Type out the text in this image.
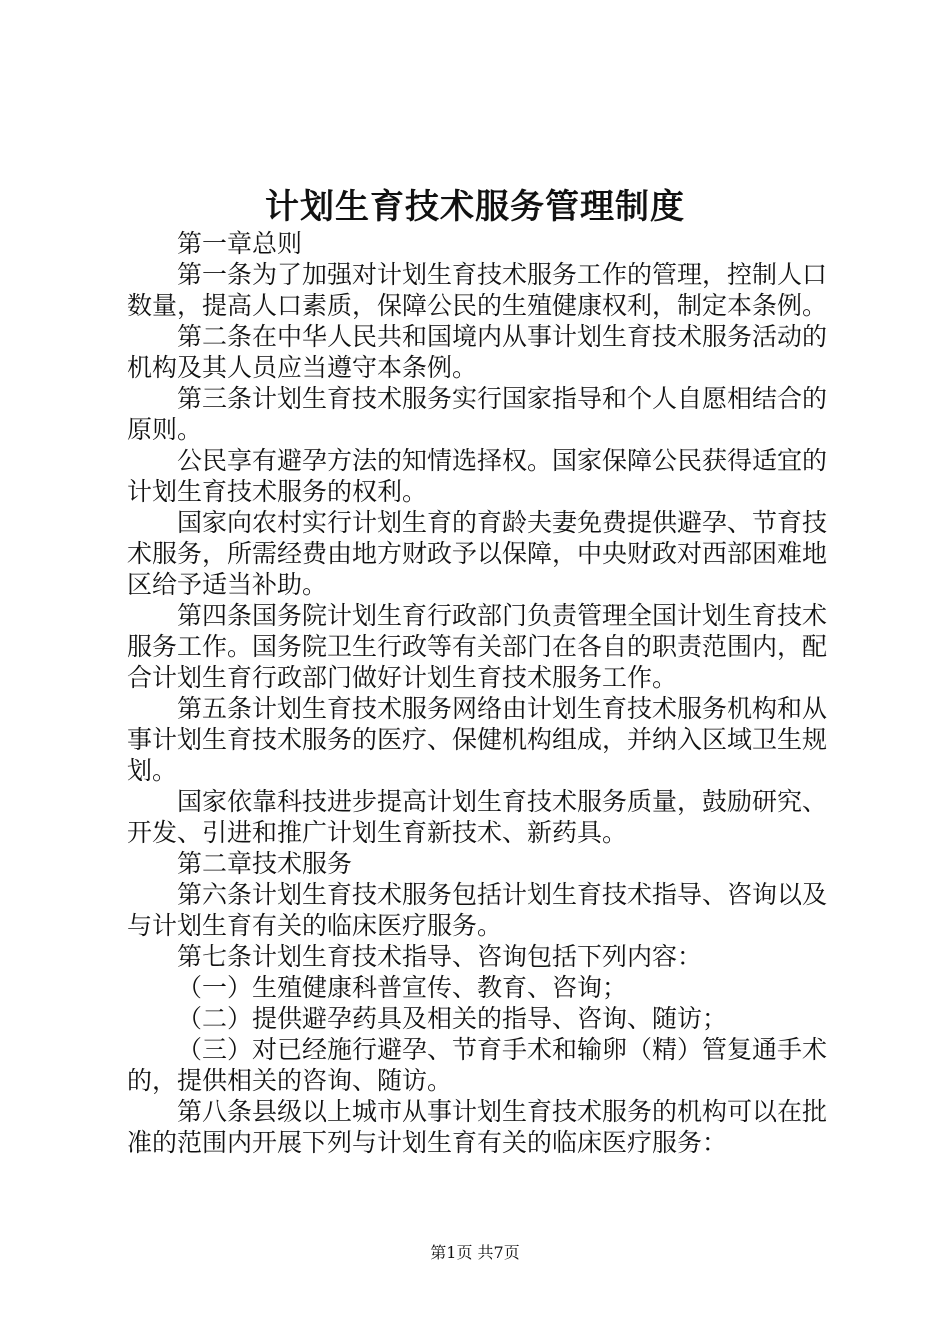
计划生育技术服务管理制度

第一章总则

第一条为了加强对计划生育技术服务工作的管理，控制人口数量，提高人口素质，保障公民的生殖健康权利，制定本条例。

第二条在中华人民共和国境内从事计划生育技术服务活动的机构及其人员应当遵守本条例。

第三条计划生育技术服务实行国家指导和个人自愿相结合的原则。

公民享有避孕方法的知情选择权。国家保障公民获得适宜的计划生育技术服务的权利。

国家向农村实行计划生育的育龄夫妻免费提供避孕、节育技术服务，所需经费由地方财政予以保障，中央财政对西部困难地区给予适当补助。

第四条国务院计划生育行政部门负责管理全国计划生育技术服务工作。国务院卫生行政等有关部门在各自的职责范围内，配合计划生育行政部门做好计划生育技术服务工作。

第五条计划生育技术服务网络由计划生育技术服务机构和从事计划生育技术服务的医疗、保健机构组成，并纳入区域卫生规划。

国家依靠科技进步提高计划生育技术服务质量，鼓励研究、开发、引进和推广计划生育新技术、新药具。

第二章技术服务

第六条计划生育技术服务包括计划生育技术指导、咨询以及与计划生育有关的临床医疗服务。

第七条计划生育技术指导、咨询包括下列内容：

（一）生殖健康科普宣传、教育、咨询；

（二）提供避孕药具及相关的指导、咨询、随访；

（三）对已经施行避孕、节育手术和输卵（精）管复通手术的，提供相关的咨询、随访。

第八条县级以上城市从事计划生育技术服务的机构可以在批准的范围内开展下列与计划生育有关的临床医疗服务：

第1页 共7页
